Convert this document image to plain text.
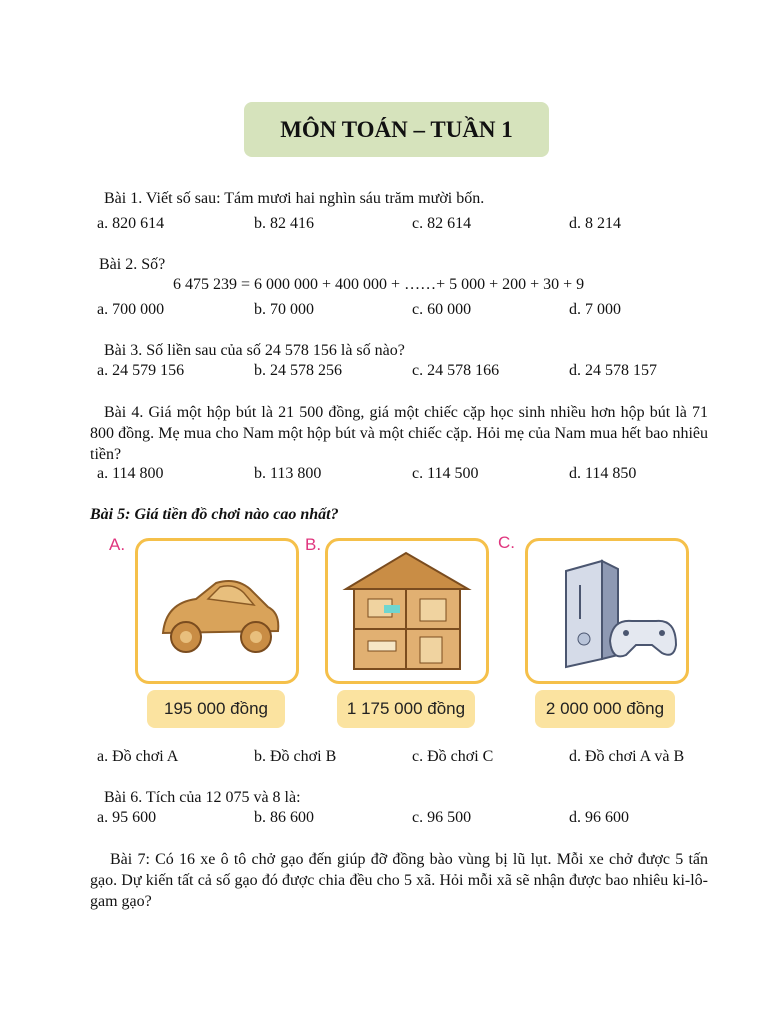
MÔN TOÁN – TUẦN 1
Bài 1. Viết số sau: Tám mươi hai nghìn sáu trăm mười bốn.
a. 820 614	b. 82 416	c. 82 614	d. 8 214
Bài 2. Số?
6 475 239 = 6 000 000 + 400 000 + ……+ 5 000 + 200 + 30 + 9
a. 700 000	b. 70 000	c. 60 000	d. 7 000
Bài 3. Số liền sau của số 24 578 156 là số nào?
a. 24 579 156	b. 24 578 256	c. 24 578 166	d. 24 578 157
Bài 4. Giá một hộp bút là 21 500 đồng, giá một chiếc cặp học sinh nhiều hơn hộp bút là 71 800 đồng. Mẹ mua cho Nam một hộp bút và một chiếc cặp. Hỏi mẹ của Nam mua hết bao nhiêu tiền?
a. 114 800	b. 113 800	c. 114 500	d. 114 850
Bài 5: Giá tiền đồ chơi nào cao nhất?
A.
195 000 đồng
B.
1 175 000 đồng
C.
2 000 000 đồng
a. Đồ chơi A	b. Đồ chơi B	c. Đồ chơi C	d. Đồ chơi A và B
Bài 6. Tích của 12 075 và 8 là:
a. 95 600	b. 86 600	c. 96 500	d. 96 600
Bài 7: Có 16 xe ô tô chở gạo đến giúp đỡ đồng bào vùng bị lũ lụt. Mỗi xe chở được 5 tấn gạo. Dự kiến tất cả số gạo đó được chia đều cho 5 xã. Hỏi mỗi xã sẽ nhận được bao nhiêu ki-lô-gam gạo?
